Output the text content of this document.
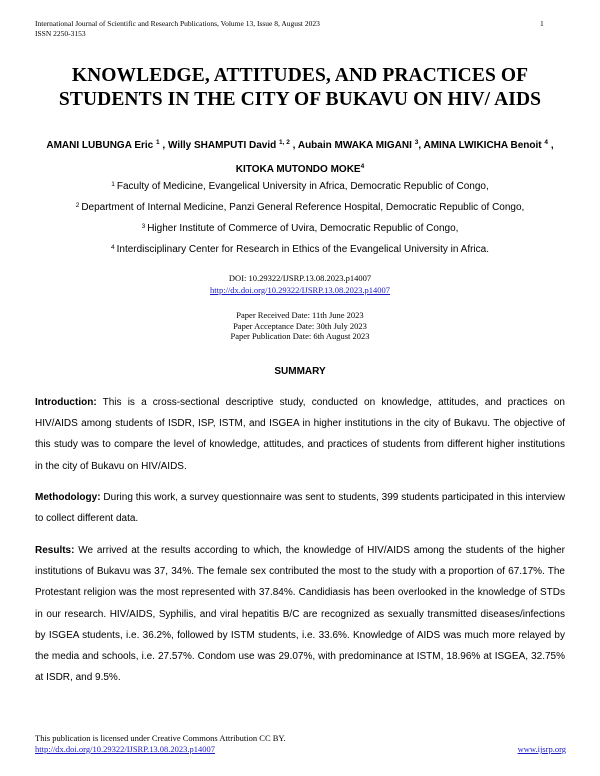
International Journal of Scientific and Research Publications, Volume 13, Issue 8, August 2023
ISSN 2250-3153
1
KNOWLEDGE, ATTITUDES, AND PRACTICES OF
STUDENTS IN THE CITY OF BUKAVU ON HIV/ AIDS
AMANI LUBUNGA Eric $^1$ , Willy SHAMPUTI David $^{1, 2}$ , Aubain MWAKA MIGANI $^3$, AMINA LWIKICHA Benoit $^4$ ,
KITOKA MUTONDO MOKE$^4$
$^1$ Faculty of Medicine, Evangelical University in Africa, Democratic Republic of Congo,
$^2$ Department of Internal Medicine, Panzi General Reference Hospital, Democratic Republic of Congo,
$^3$ Higher Institute of Commerce of Uvira, Democratic Republic of Congo,
$^4$ Interdisciplinary Center for Research in Ethics of the Evangelical University in Africa.
DOI: 10.29322/IJSRP.13.08.2023.p14007
http://dx.doi.org/10.29322/IJSRP.13.08.2023.p14007
Paper Received Date: 11th June 2023
Paper Acceptance Date: 30th July 2023
Paper Publication Date: 6th August 2023
SUMMARY
Introduction: This is a cross-sectional descriptive study, conducted on knowledge, attitudes, and practices on HIV/AIDS among students of ISDR, ISP, ISTM, and ISGEA in higher institutions in the city of Bukavu. The objective of this study was to compare the level of knowledge, attitudes, and practices of students from different higher institutions in the city of Bukavu on HIV/AIDS.
Methodology: During this work, a survey questionnaire was sent to students, 399 students participated in this interview to collect different data.
Results: We arrived at the results according to which, the knowledge of HIV/AIDS among the students of the higher institutions of Bukavu was 37, 34%. The female sex contributed the most to the study with a proportion of 67.17%. The Protestant religion was the most represented with 37.84%. Candidiasis has been overlooked in the knowledge of STDs in our research. HIV/AIDS, Syphilis, and viral hepatitis B/C are recognized as sexually transmitted diseases/infections by ISGEA students, i.e. 36.2%, followed by ISTM students, i.e. 33.6%. Knowledge of AIDS was much more relayed by the media and schools, i.e. 27.57%. Condom use was 29.07%, with predominance at ISTM, 18.96% at ISGEA, 32.75% at ISDR, and 9.5%.
This publication is licensed under Creative Commons Attribution CC BY.
http://dx.doi.org/10.29322/IJSRP.13.08.2023.p14007	www.ijsrp.org
